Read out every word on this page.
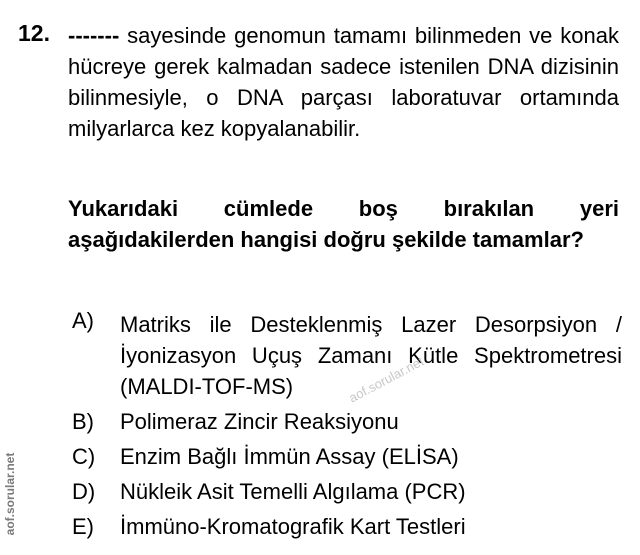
12. ------- sayesinde genomun tamamı bilinmeden ve konak hücreye gerek kalmadan sadece istenilen DNA dizisinin bilinmesiyle, o DNA parçası laboratuvar ortamında milyarlarca kez kopyalanabilir.
Yukarıdaki cümlede boş bırakılan yeri aşağıdakilerden hangisi doğru şekilde tamamlar?
A)	Matriks ile Desteklenmiş Lazer Desorpsiyon /İyonizasyon Uçuş Zamanı Kütle Spektrometresi (MALDI-TOF-MS)
B)	Polimeraz Zincir Reaksiyonu
C)	Enzim Bağlı İmmün Assay (ELİSA)
D)	Nükleik Asit Temelli Algılama (PCR)
E)	İmmüno-Kromatografik Kart Testleri
aof.sorular.net
aof.sorular.net
